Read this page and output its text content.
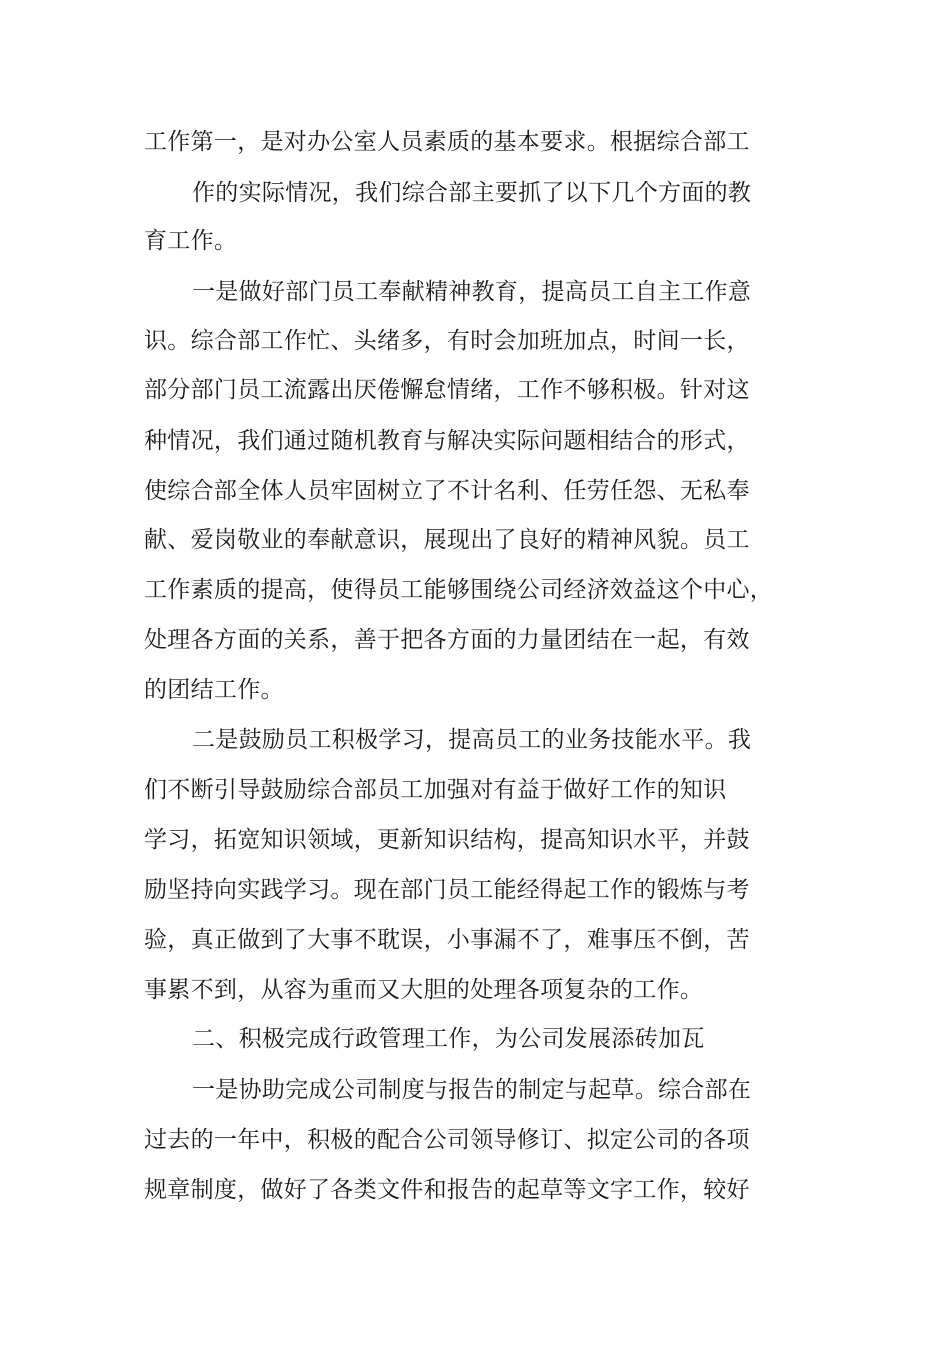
工作第一，是对办公室人员素质的基本要求。根据综合部工
作的实际情况，我们综合部主要抓了以下几个方面的教
育工作。
一是做好部门员工奉献精神教育，提高员工自主工作意
识。综合部工作忙、头绪多，有时会加班加点，时间一长，
部分部门员工流露出厌倦懈怠情绪，工作不够积极。针对这
种情况，我们通过随机教育与解决实际问题相结合的形式，
使综合部全体人员牢固树立了不计名利、任劳任怨、无私奉
献、爱岗敬业的奉献意识，展现出了良好的精神风貌。员工
工作素质的提高，使得员工能够围绕公司经济效益这个中心，
处理各方面的关系，善于把各方面的力量团结在一起，有效
的团结工作。
二是鼓励员工积极学习，提高员工的业务技能水平。我
们不断引导鼓励综合部员工加强对有益于做好工作的知识
学习，拓宽知识领域，更新知识结构，提高知识水平，并鼓
励坚持向实践学习。现在部门员工能经得起工作的锻炼与考
验，真正做到了大事不耽误，小事漏不了，难事压不倒，苦
事累不到，从容为重而又大胆的处理各项复杂的工作。
二、积极完成行政管理工作，为公司发展添砖加瓦
一是协助完成公司制度与报告的制定与起草。综合部在
过去的一年中，积极的配合公司领导修订、拟定公司的各项
规章制度，做好了各类文件和报告的起草等文字工作，较好
